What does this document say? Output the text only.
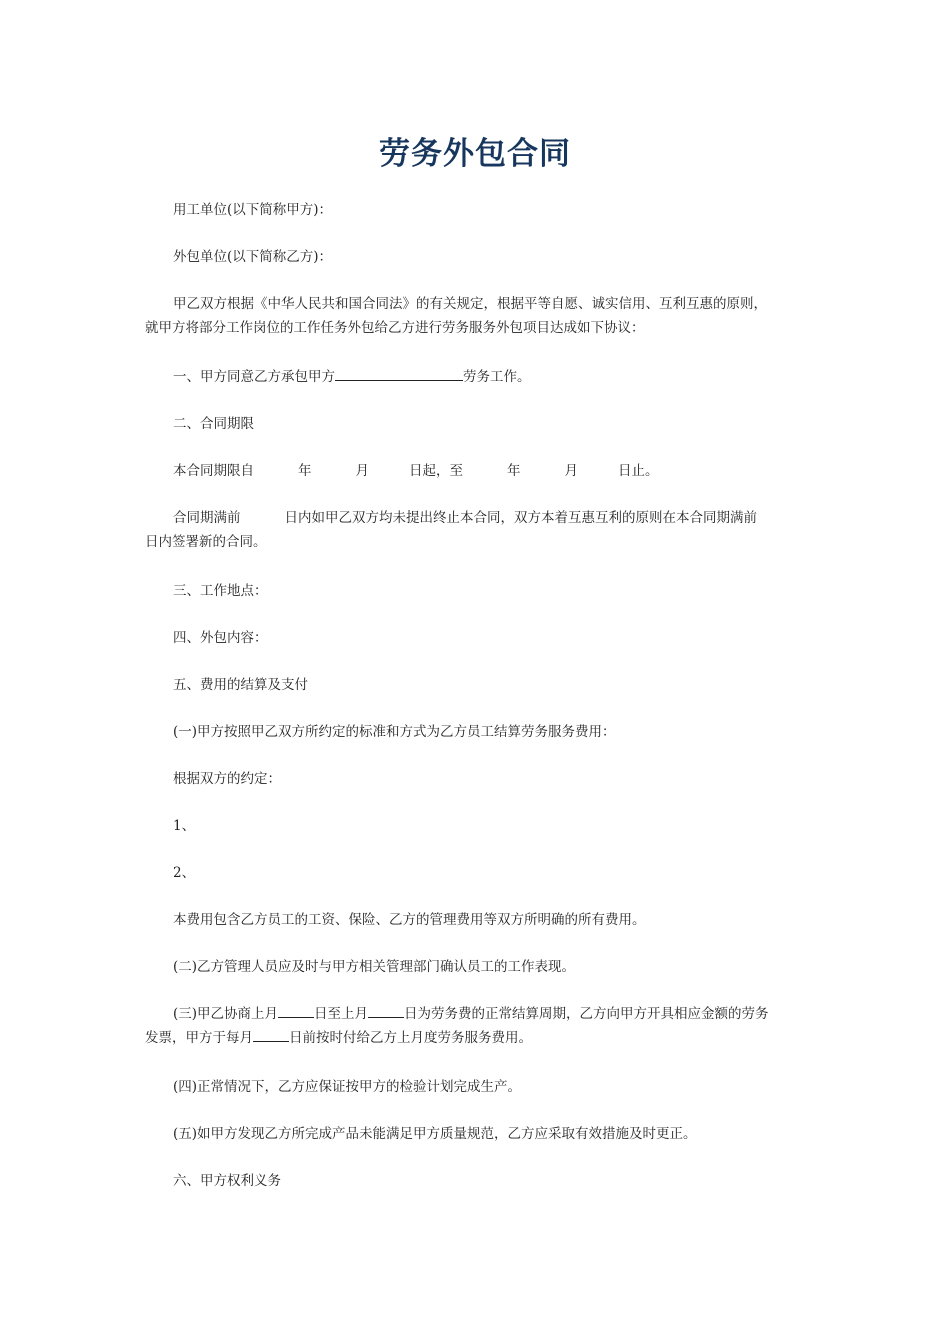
劳务外包合同
用工单位(以下简称甲方)：
外包单位(以下简称乙方)：
甲乙双方根据《中华人民共和国合同法》的有关规定，根据平等自愿、诚实信用、互利互惠的原则，
就甲方将部分工作岗位的工作任务外包给乙方进行劳务服务外包项目达成如下协议：
一、甲方同意乙方承包甲方	劳务工作。
二、合同期限
本合同期限自	年	月	日起，至	年	月	日止。
合同期满前	日内如甲乙双方均未提出终止本合同，双方本着互惠互利的原则在本合同期满前
日内签署新的合同。
三、工作地点：
四、外包内容：
五、费用的结算及支付
(一)甲方按照甲乙双方所约定的标准和方式为乙方员工结算劳务服务费用：
根据双方的约定：
1、
2、
本费用包含乙方员工的工资、保险、乙方的管理费用等双方所明确的所有费用。
(二)乙方管理人员应及时与甲方相关管理部门确认员工的工作表现。
(三)甲乙协商上月	日至上月	日为劳务费的正常结算周期，乙方向甲方开具相应金额的劳务
发票，甲方于每月	日前按时付给乙方上月度劳务服务费用。
(四)正常情况下，乙方应保证按甲方的检验计划完成生产。
(五)如甲方发现乙方所完成产品未能满足甲方质量规范，乙方应采取有效措施及时更正。
六、甲方权利义务
